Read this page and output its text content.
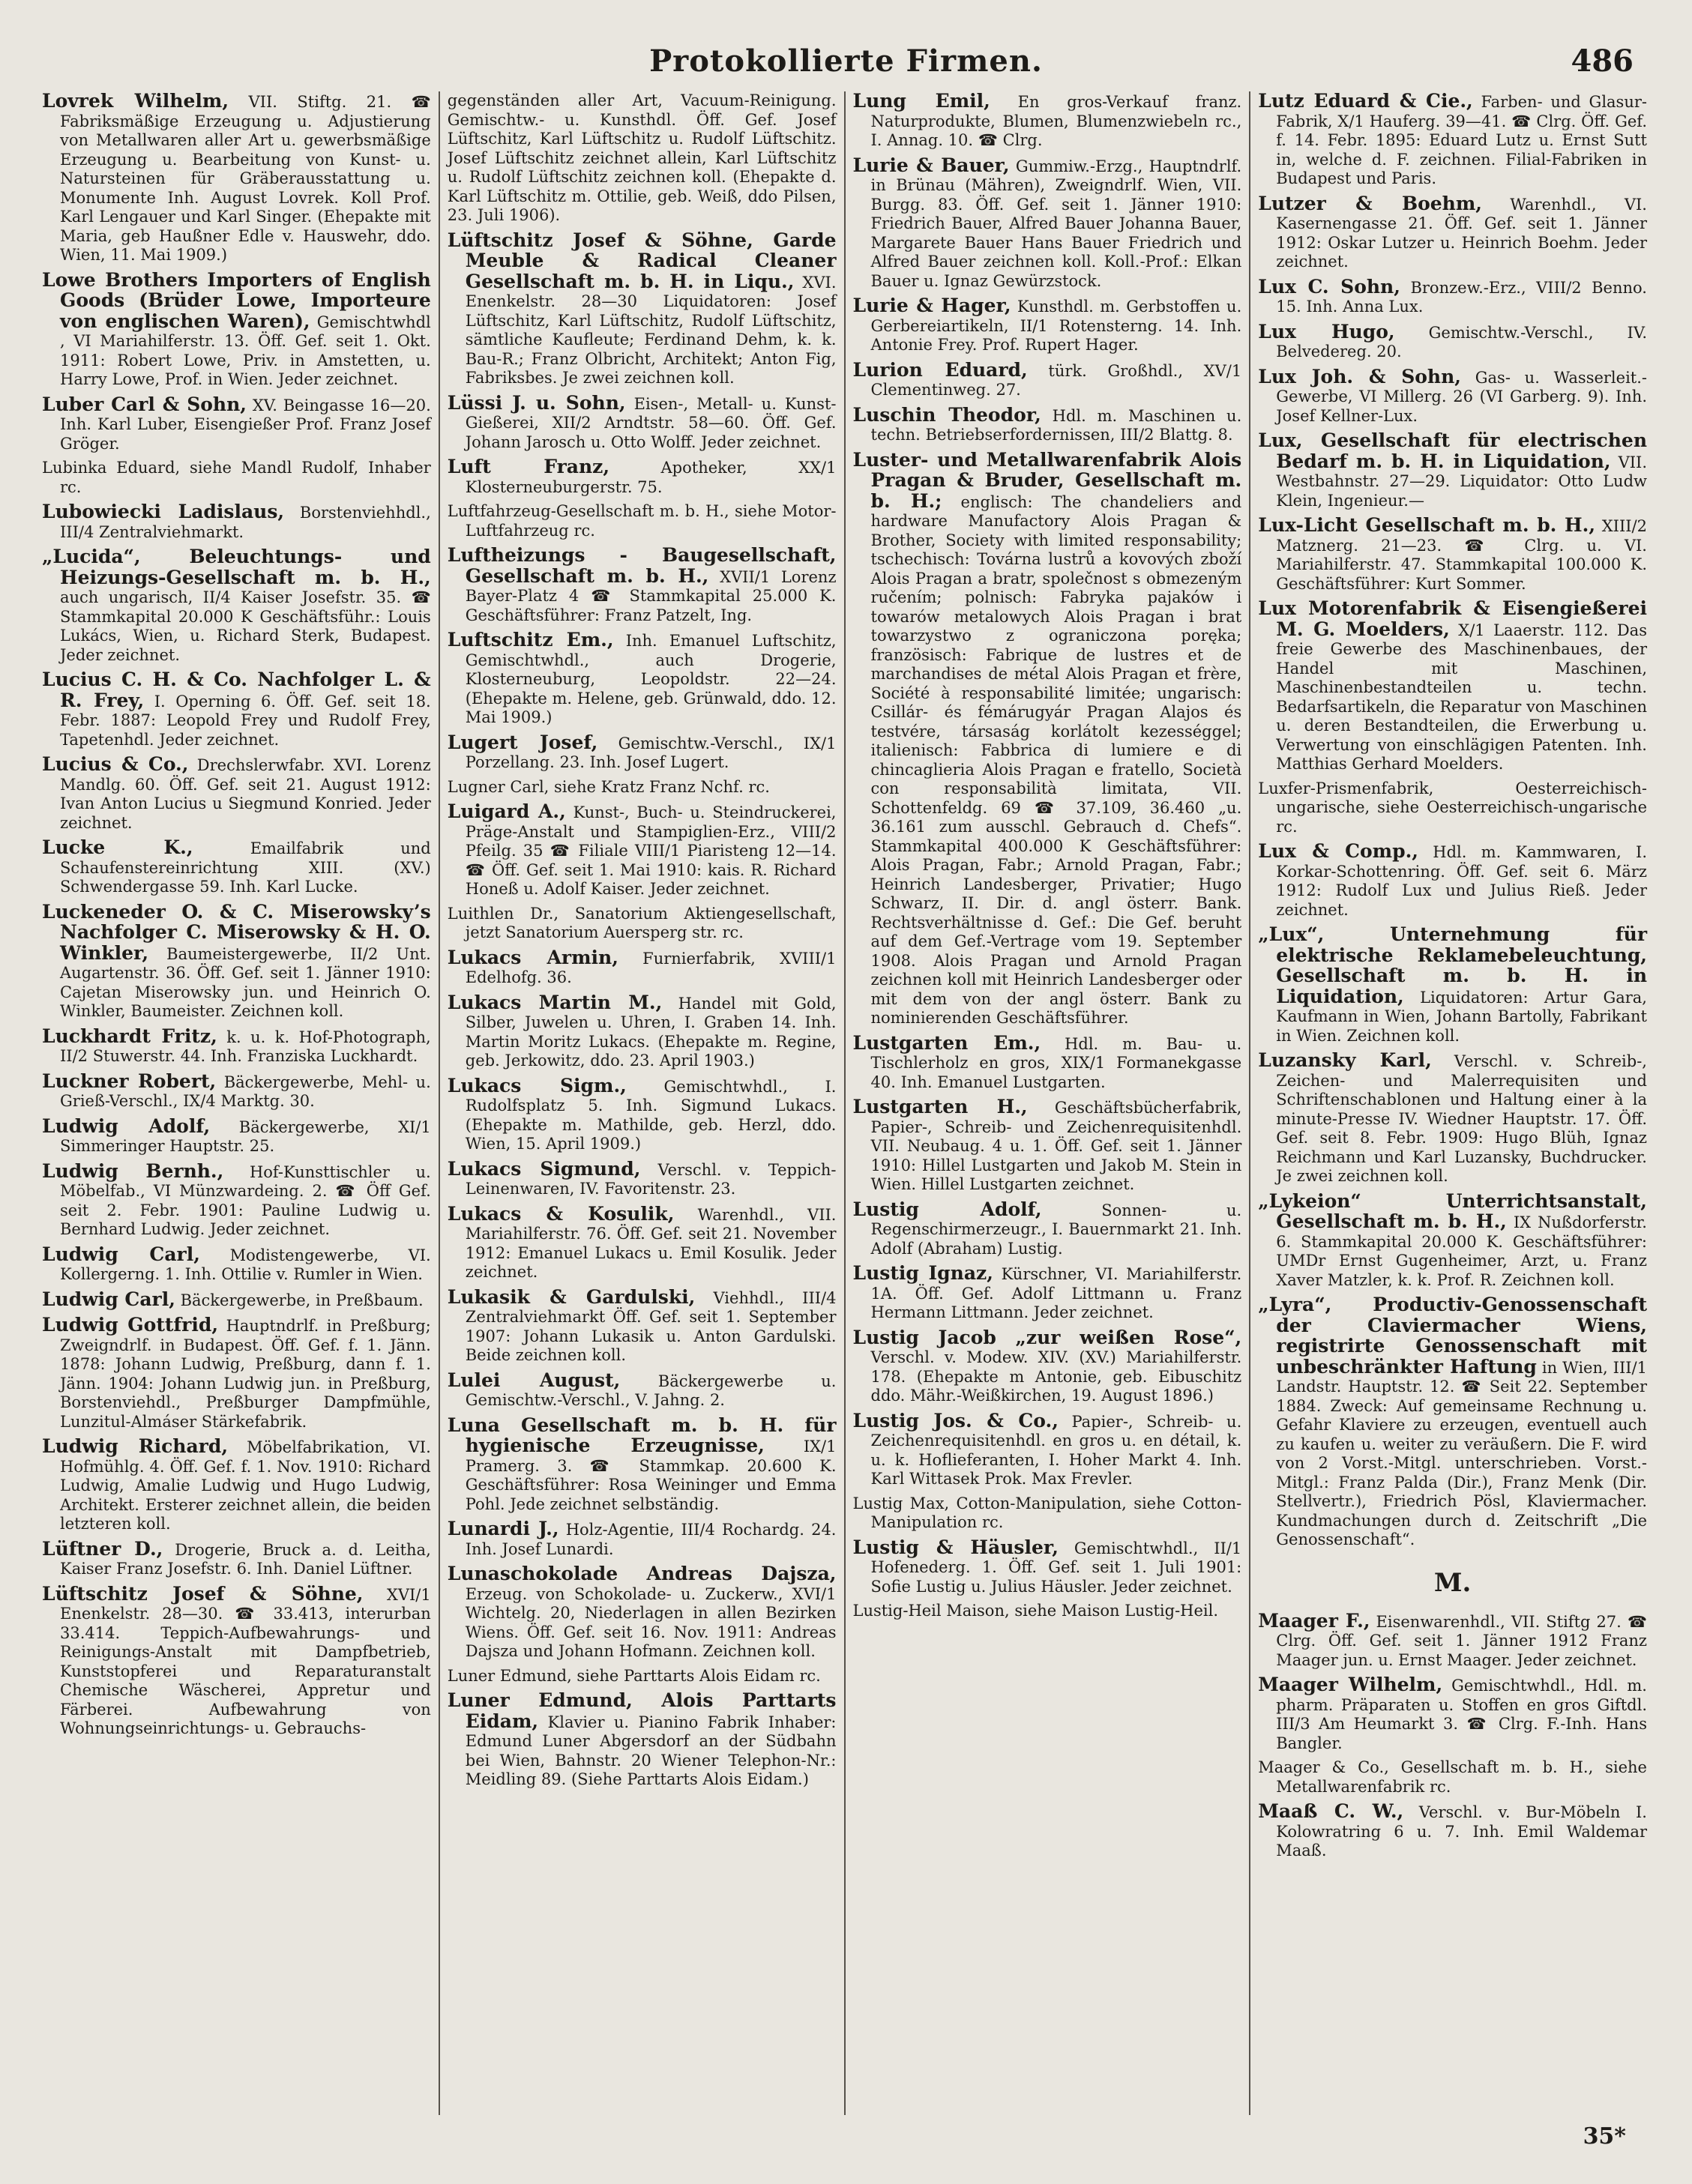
Protokollierte Firmen.	486
Lovrek Wilhelm, VII. Stiftg. 21. ☎ Fabriksmäßige Erzeugung u. Adjustierung von Metallwaren aller Art u. gewerbsmäßige Erzeugung u. Bearbeitung von Kunst- u. Natursteinen für Gräberausstattung u. Monumente Inh. August Lovrek. Koll Prof. Karl Lengauer und Karl Singer. (Ehepakte mit Maria, geb Haußner Edle v. Hauswehr, ddo. Wien, 11. Mai 1909.)
Lowe Brothers Importers of English Goods (Brüder Lowe, Importeure von englischen Waren), Gemischtwhdl , VI Mariahilferstr. 13. Öff. Gef. seit 1. Okt. 1911: Robert Lowe, Priv. in Amstetten, u. Harry Lowe, Prof. in Wien. Jeder zeichnet.
Luber Carl & Sohn, XV. Beingasse 16—20. Inh. Karl Luber, Eisengießer Prof. Franz Josef Gröger.
Lubinka Eduard, siehe Mandl Rudolf, Inhaber rc.
Lubowiecki Ladislaus, Borstenviehhdl., III/4 Zentralviehmarkt.
„Lucida“, Beleuchtungs- und Heizungs-Gesellschaft m. b. H., auch ungarisch, II/4 Kaiser Josefstr. 35. ☎ Stammkapital 20.000 K Geschäftsführ.: Louis Lukács, Wien, u. Richard Sterk, Budapest. Jeder zeichnet.
Lucius C. H. & Co. Nachfolger L. & R. Frey, I. Operning 6. Öff. Gef. seit 18. Febr. 1887: Leopold Frey und Rudolf Frey, Tapetenhdl. Jeder zeichnet.
Lucius & Co., Drechslerwfabr. XVI. Lorenz Mandlg. 60. Öff. Gef. seit 21. August 1912: Ivan Anton Lucius u Siegmund Konried. Jeder zeichnet.
Lucke K.,	Emailfabrik und Schaufenstereinrichtung XIII. (XV.) Schwendergasse 59. Inh. Karl Lucke.
Luckeneder O. & C. Miserowsky’s Nachfolger C. Miserowsky & H. O. Winkler, Baumeistergewerbe, II/2 Unt. Augartenstr. 36. Öff. Gef. seit 1. Jänner 1910: Cajetan Miserowsky jun. und Heinrich O. Winkler, Baumeister. Zeichnen koll.
Luckhardt Fritz, k. u. k. Hof-Photograph, II/2 Stuwerstr. 44. Inh. Franziska Luckhardt.
Luckner Robert, Bäckergewerbe, Mehl- u. Grieß-Verschl., IX/4 Marktg. 30.
Ludwig Adolf, Bäckergewerbe, XI/1 Simmeringer Hauptstr. 25.
Ludwig Bernh., Hof-Kunsttischler u. Möbelfab., VI Münzwardeing. 2. ☎ Öff Gef. seit 2. Febr. 1901: Pauline Ludwig u. Bernhard Ludwig. Jeder zeichnet.
Ludwig Carl, Modistengewerbe, VI. Kollergerng. 1. Inh. Ottilie v. Rumler in Wien.
Ludwig Carl, Bäckergewerbe, in Preßbaum.
Ludwig Gottfrid, Hauptndrlf. in Preßburg; Zweigndrlf. in Budapest. Öff. Gef. f. 1. Jänn. 1878: Johann Ludwig, Preßburg, dann f. 1. Jänn. 1904: Johann Ludwig jun. in Preßburg, Borstenviehdl., Preßburger Dampfmühle, Lunzitul-Almáser Stärkefabrik.
Ludwig Richard, Möbelfabrikation, VI. Hofmühlg. 4. Öff. Gef. f. 1. Nov. 1910: Richard Ludwig, Amalie Ludwig und Hugo Ludwig, Architekt. Ersterer zeichnet allein, die beiden letzteren koll.
Lüftner D., Drogerie, Bruck a. d. Leitha, Kaiser Franz Josefstr. 6. Inh. Daniel Lüftner.
Lüftschitz Josef & Söhne, XVI/1 Enenkelstr. 28—30. ☎ 33.413, interurban 33.414. Teppich-Aufbewahrungs- und Reinigungs-Anstalt mit Dampfbetrieb, Kunststopferei und Reparaturanstalt Chemische Wäscherei, Appretur und Färberei. Aufbewahrung von Wohnungseinrichtungs- u. Gebrauchs-
gegenständen aller Art, Vacuum-Reinigung. Gemischtw.- u. Kunsthdl. Öff. Gef. Josef Lüftschitz, Karl Lüftschitz u. Rudolf Lüftschitz. Josef Lüftschitz zeichnet allein, Karl Lüftschitz u. Rudolf Lüftschitz zeichnen koll. (Ehepakte d. Karl Lüftschitz m. Ottilie, geb. Weiß, ddo Pilsen, 23. Juli 1906).
Lüftschitz Josef & Söhne, Garde Meuble & Radical Cleaner Gesellschaft m. b. H. in Liqu., XVI. Enenkelstr. 28—30 Liquidatoren: Josef Lüftschitz, Karl Lüftschitz, Rudolf Lüftschitz, sämtliche Kaufleute; Ferdinand Dehm, k. k. Bau-R.; Franz Olbricht, Architekt; Anton Fig, Fabriksbes. Je zwei zeichnen koll.
Lüssi J. u. Sohn, Eisen-, Metall- u. Kunst-Gießerei, XII/2 Arndtstr. 58—60. Öff. Gef. Johann Jarosch u. Otto Wolff. Jeder zeichnet.
Luft Franz,	Apotheker, XX/1 Klosterneuburgerstr. 75.
Luftfahrzeug-Gesellschaft m. b. H., siehe Motor-Luftfahrzeug rc.
Luftheizungs - Baugesellschaft, Gesellschaft m. b. H., XVII/1 Lorenz Bayer-Platz 4 ☎ Stammkapital 25.000 K. Geschäftsführer: Franz Patzelt, Ing.
Luftschitz Em., Inh. Emanuel Luftschitz, Gemischtwhdl., auch Drogerie, Klosterneuburg, Leopoldstr. 22—24. (Ehepakte m. Helene, geb. Grünwald, ddo. 12. Mai 1909.)
Lugert Josef, Gemischtw.-Verschl., IX/1 Porzellang. 23. Inh. Josef Lugert.
Lugner Carl, siehe Kratz Franz Nchf. rc.
Luigard A., Kunst-, Buch- u. Steindruckerei, Präge-Anstalt und Stampiglien-Erz., VIII/2 Pfeilg. 35 ☎ Filiale VIII/1 Piaristeng 12—14. ☎ Öff. Gef. seit 1. Mai 1910: kais. R. Richard Honeß u. Adolf Kaiser. Jeder zeichnet.
Luithlen Dr., Sanatorium Aktiengesellschaft, jetzt Sanatorium Auersperg str. rc.
Lukacs Armin, Furnierfabrik, XVIII/1 Edelhofg. 36.
Lukacs Martin M., Handel mit Gold, Silber, Juwelen u. Uhren, I. Graben 14. Inh. Martin Moritz Lukacs. (Ehepakte m. Regine, geb. Jerkowitz, ddo. 23. April 1903.)
Lukacs Sigm., Gemischtwhdl., I. Rudolfsplatz 5. Inh. Sigmund Lukacs. (Ehepakte m. Mathilde, geb. Herzl, ddo. Wien, 15. April 1909.)
Lukacs Sigmund, Verschl. v. Teppich-Leinenwaren, IV. Favoritenstr. 23.
Lukacs & Kosulik, Warenhdl., VII. Mariahilferstr. 76. Öff. Gef. seit 21. November 1912: Emanuel Lukacs u. Emil Kosulik. Jeder zeichnet.
Lukasik & Gardulski, Viehhdl., III/4 Zentralviehmarkt Öff. Gef. seit 1. September 1907: Johann Lukasik u. Anton Gardulski. Beide zeichnen koll.
Lulei August, Bäckergewerbe u. Gemischtw.-Verschl., V. Jahng. 2.
Luna Gesellschaft m. b. H. für hygienische Erzeugnisse, IX/1 Pramerg. 3. ☎ Stammkap. 20.600 K. Geschäftsführer: Rosa Weininger und Emma Pohl. Jede zeichnet selbständig.
Lunardi J., Holz-Agentie, III/4 Rochardg. 24. Inh. Josef Lunardi.
Lunaschokolade Andreas Dajsza, Erzeug. von Schokolade- u. Zuckerw., XVI/1 Wichtelg. 20, Niederlagen in allen Bezirken Wiens. Öff. Gef. seit 16. Nov. 1911: Andreas Dajsza und Johann Hofmann. Zeichnen koll.
Luner Edmund, siehe Parttarts Alois Eidam rc.
Luner Edmund, Alois Parttarts Eidam, Klavier u. Pianino Fabrik Inhaber: Edmund Luner Abgersdorf an der Südbahn bei Wien, Bahnstr. 20 Wiener Telephon-Nr.: Meidling 89. (Siehe Parttarts Alois Eidam.)
Lung Emil, En gros-Verkauf franz. Naturprodukte, Blumen, Blumenzwiebeln rc., I. Annag. 10. ☎ Clrg.
Lurie & Bauer, Gummiw.-Erzg., Hauptndrlf. in Brünau (Mähren), Zweigndrlf. Wien, VII. Burgg. 83. Öff. Gef. seit 1. Jänner 1910: Friedrich Bauer, Alfred Bauer Johanna Bauer, Margarete Bauer Hans Bauer Friedrich und Alfred Bauer zeichnen koll. Koll.-Prof.: Elkan Bauer u. Ignaz Gewürzstock.
Lurie & Hager, Kunsthdl. m. Gerbstoffen u. Gerbereiartikeln, II/1 Rotensterng. 14. Inh. Antonie Frey. Prof. Rupert Hager.
Lurion Eduard, türk. Großhdl., XV/1 Clementinweg. 27.
Luschin Theodor, Hdl. m. Maschinen u. techn. Betriebserfordernissen, III/2 Blattg. 8.
Luster- und Metallwarenfabrik Alois Pragan & Bruder, Gesellschaft m. b. H.; englisch: The chandeliers and hardware Manufactory Alois Pragan & Brother, Society with limited responsability; tschechisch: Továrna lustrů a kovových zboží Alois Pragan a bratr, společnost s obmezeným ručením; polnisch: Fabryka pajaków i towarów metalowych Alois Pragan i brat towarzystwo z ograniczona poręka; französisch: Fabrique de lustres et de marchandises de métal Alois Pragan et frère, Société à responsabilité limitée; ungarisch: Csillár- és fémárugyár Pragan Alajos és testvére, társaság korlátolt kezességgel; italienisch: Fabbrica di lumiere e di chincaglieria Alois Pragan e fratello, Società con responsabilità limitata, VII. Schottenfeldg. 69 ☎ 37.109, 36.460 „u. 36.161 zum ausschl. Gebrauch d. Chefs“. Stammkapital 400.000 K Geschäftsführer: Alois Pragan, Fabr.; Arnold Pragan, Fabr.; Heinrich Landesberger, Privatier; Hugo Schwarz, II. Dir. d. angl österr. Bank. Rechtsverhältnisse d. Gef.: Die Gef. beruht auf dem Gef.-Vertrage vom 19. September 1908. Alois Pragan und Arnold Pragan zeichnen koll mit Heinrich Landesberger oder mit dem von der angl österr. Bank zu nominierenden Geschäftsführer.
Lustgarten Em., Hdl. m. Bau- u. Tischlerholz en gros, XIX/1 Formanekgasse 40. Inh. Emanuel Lustgarten.
Lustgarten H., Geschäftsbücherfabrik, Papier-, Schreib- und Zeichenrequisitenhdl. VII. Neubaug. 4 u. 1. Öff. Gef. seit 1. Jänner 1910: Hillel Lustgarten und Jakob M. Stein in Wien. Hillel Lustgarten zeichnet.
Lustig Adolf,	Sonnen- u. Regenschirmerzeugr., I. Bauernmarkt 21. Inh. Adolf (Abraham) Lustig.
Lustig Ignaz, Kürschner, VI. Mariahilferstr. 1A. Öff. Gef. Adolf Littmann u. Franz Hermann Littmann. Jeder zeichnet.
Lustig Jacob „zur weißen Rose“, Verschl. v. Modew. XIV. (XV.) Mariahilferstr. 178. (Ehepakte m Antonie, geb. Eibuschitz ddo. Mähr.-Weißkirchen, 19. August 1896.)
Lustig Jos. & Co., Papier-, Schreib- u. Zeichenrequisitenhdl. en gros u. en détail, k. u. k. Hoflieferanten, I. Hoher Markt 4. Inh. Karl Wittasek Prok. Max Frevler.
Lustig Max, Cotton-Manipulation, siehe Cotton-Manipulation rc.
Lustig & Häusler, Gemischtwhdl., II/1 Hofenederg. 1. Öff. Gef. seit 1. Juli 1901: Sofie Lustig u. Julius Häusler. Jeder zeichnet.
Lustig-Heil Maison, siehe Maison Lustig-Heil.
Lutz Eduard & Cie., Farben- und Glasur-Fabrik, X/1 Hauferg. 39—41. ☎ Clrg. Öff. Gef. f. 14. Febr. 1895: Eduard Lutz u. Ernst Sutt in, welche d. F. zeichnen. Filial-Fabriken in Budapest und Paris.
Lutzer & Boehm, Warenhdl., VI. Kasernengasse 21. Öff. Gef. seit 1. Jänner 1912: Oskar Lutzer u. Heinrich Boehm. Jeder zeichnet.
Lux C. Sohn, Bronzew.-Erz., VIII/2 Benno. 15. Inh. Anna Lux.
Lux Hugo, Gemischtw.-Verschl., IV. Belvedereg. 20.
Lux Joh. & Sohn, Gas- u. Wasserleit.-Gewerbe, VI Millerg. 26 (VI Garberg. 9). Inh. Josef Kellner-Lux.
Lux, Gesellschaft für electrischen Bedarf m. b. H. in Liquidation, VII. Westbahnstr. 27—29. Liquidator: Otto Ludw Klein, Ingenieur.—
Lux-Licht Gesellschaft m. b. H., XIII/2 Matznerg. 21—23. ☎ Clrg. u. VI. Mariahilferstr. 47. Stammkapital 100.000 K. Geschäftsführer: Kurt Sommer.
Lux Motorenfabrik & Eisengießerei M. G. Moelders, X/1 Laaerstr. 112. Das freie Gewerbe des Maschinenbaues, der Handel mit Maschinen, Maschinenbestandteilen u. techn. Bedarfsartikeln, die Reparatur von Maschinen u. deren Bestandteilen, die Erwerbung u. Verwertung von einschlägigen Patenten. Inh. Matthias Gerhard Moelders.
Luxfer-Prismenfabrik, Oesterreichisch-ungarische, siehe Oesterreichisch-ungarische rc.
Lux & Comp., Hdl. m. Kammwaren, I. Korkar-Schottenring. Öff. Gef. seit 6. März 1912: Rudolf Lux und Julius Rieß. Jeder zeichnet.
„Lux“, Unternehmung für elektrische Reklamebeleuchtung, Gesellschaft m. b. H. in Liquidation, Liquidatoren: Artur Gara, Kaufmann in Wien, Johann Bartolly, Fabrikant in Wien. Zeichnen koll.
Luzansky Karl, Verschl. v. Schreib-, Zeichen- und Malerrequisiten und Schriftenschablonen und Haltung einer à la minute-Presse IV. Wiedner Hauptstr. 17. Öff. Gef. seit 8. Febr. 1909: Hugo Blüh, Ignaz Reichmann und Karl Luzansky, Buchdrucker. Je zwei zeichnen koll.
„Lykeion“ Unterrichtsanstalt, Gesellschaft m. b. H., IX Nußdorferstr. 6. Stammkapital 20.000 K. Geschäftsführer: UMDr Ernst Gugenheimer, Arzt, u. Franz Xaver Matzler, k. k. Prof. R. Zeichnen koll.
„Lyra“, Productiv-Genossenschaft der Claviermacher Wiens, registrirte Genossenschaft mit unbeschränkter Haftung in Wien, III/1 Landstr. Hauptstr. 12. ☎ Seit 22. September 1884. Zweck: Auf gemeinsame Rechnung u. Gefahr Klaviere zu erzeugen, eventuell auch zu kaufen u. weiter zu veräußern. Die F. wird von 2 Vorst.-Mitgl. unterschrieben. Vorst.-Mitgl.: Franz Palda (Dir.), Franz Menk (Dir. Stellvertr.), Friedrich Pösl, Klaviermacher. Kundmachungen durch d. Zeitschrift „Die Genossenschaft“.
M.
Maager F., Eisenwarenhdl., VII. Stiftg 27. ☎ Clrg. Öff. Gef. seit 1. Jänner 1912 Franz Maager jun. u. Ernst Maager. Jeder zeichnet.
Maager Wilhelm, Gemischtwhdl., Hdl. m. pharm. Präparaten u. Stoffen en gros Giftdl. III/3 Am Heumarkt 3. ☎ Clrg. F.-Inh. Hans Bangler.
Maager & Co., Gesellschaft m. b. H., siehe Metallwarenfabrik rc.
Maaß C. W., Verschl. v. Bur-Möbeln I. Kolowratring 6 u. 7. Inh. Emil Waldemar Maaß.
35*
